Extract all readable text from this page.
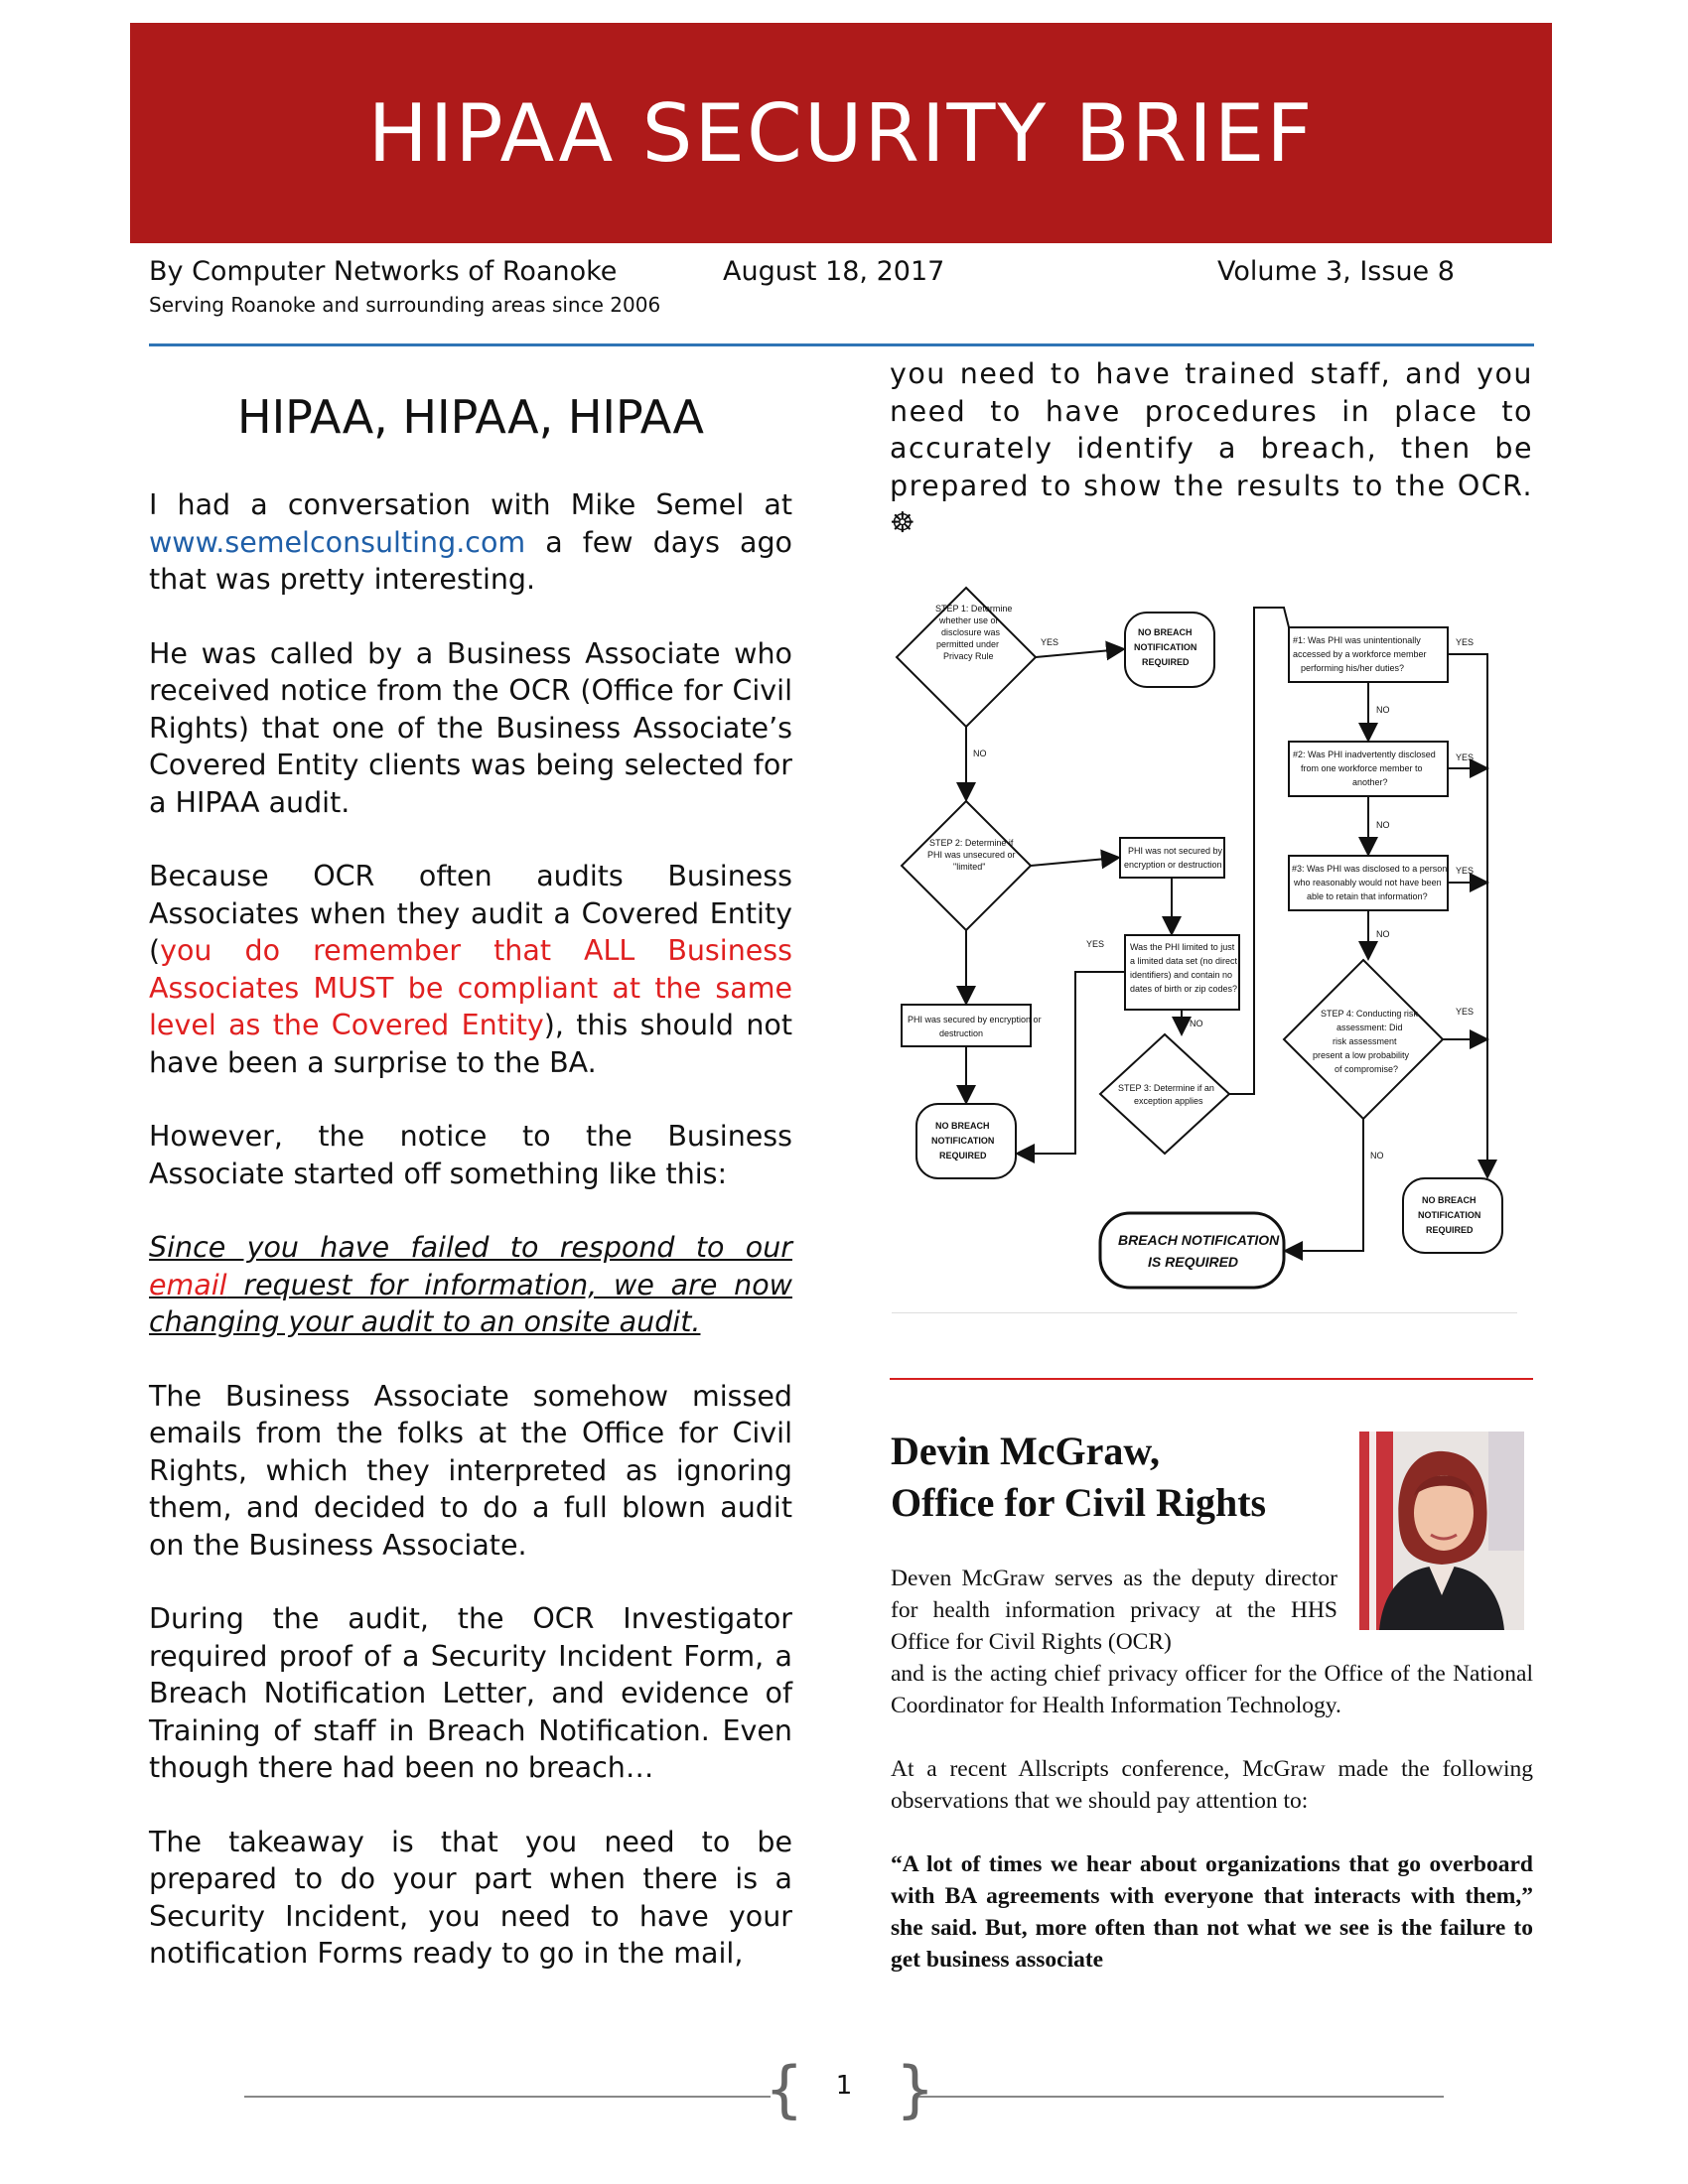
HIPAA SECURITY BRIEF
By Computer Networks of Roanoke	August 18, 2017	Volume 3, Issue 8
Serving Roanoke and surrounding areas since 2006
HIPAA, HIPAA, HIPAA

I had a conversation with Mike Semel at www.semelconsulting.com a few days ago that was pretty interesting.

He was called by a Business Associate who received notice from the OCR (Office for Civil Rights) that one of the Business Associate’s Covered Entity clients was being selected for a HIPAA audit.

Because OCR often audits Business Associates when they audit a Covered Entity (you do remember that ALL Business Associates MUST be compliant at the same level as the Covered Entity), this should not have been a surprise to the BA.

However, the notice to the Business Associate started off something like this:

Since you have failed to respond to our email request for information, we are now changing your audit to an onsite audit.

The Business Associate somehow missed emails from the folks at the Office for Civil Rights, which they interpreted as ignoring them, and decided to do a full blown audit on the Business Associate.

During the audit, the OCR Investigator required proof of a Security Incident Form, a Breach Notification Letter, and evidence of Training of staff in Breach Notification. Even though there had been no breach…

The takeaway is that you need to be prepared to do your part when there is a Security Incident, you need to have your notification Forms ready to go in the mail,

you need to have trained staff, and you need to have procedures in place to accurately identify a breach, then be prepared to show the results to the OCR. ☸
STEP 1: Determine
whether use or
disclosure was
permitted under
Privacy Rule
NO BREACH
NOTIFICATION
REQUIRED
YES
NO
STEP 2: Determine if
PHI was unsecured or
"limited"
PHI was not secured by
encryption or destruction
Was the PHI limited to just
a limited data set (no direct
identifiers) and contain no
dates of birth or zip codes?
YES
NO
PHI was secured by encryption or
destruction
NO BREACH
NOTIFICATION
REQUIRED
STEP 3: Determine if an
exception applies
#1: Was PHI was unintentionally
accessed by a workforce member
performing his/her duties?
NO
YES
#2: Was PHI inadvertently disclosed
from one workforce member to
another?
NO
YES
#3: Was PHI was disclosed to a person
who reasonably would not have been
able to retain that information?
NO
YES
STEP 4: Conducting risk
assessment: Did
risk assessment
present a low probability
of compromise?
YES
NO
NO BREACH
NOTIFICATION
REQUIRED
BREACH NOTIFICATION
IS REQUIRED
Devin McGraw,
Office for Civil Rights

Deven McGraw serves as the deputy director for health information privacy at the HHS Office for Civil Rights (OCR)

and is the acting chief privacy officer for the Office of the National Coordinator for Health Information Technology.

At a recent Allscripts conference, McGraw made the following observations that we should pay attention to:

“A lot of times we hear about organizations that go overboard with BA agreements with everyone that interacts with them,” she said. But, more often than not what we see is the failure to get business associate

{ }
1
